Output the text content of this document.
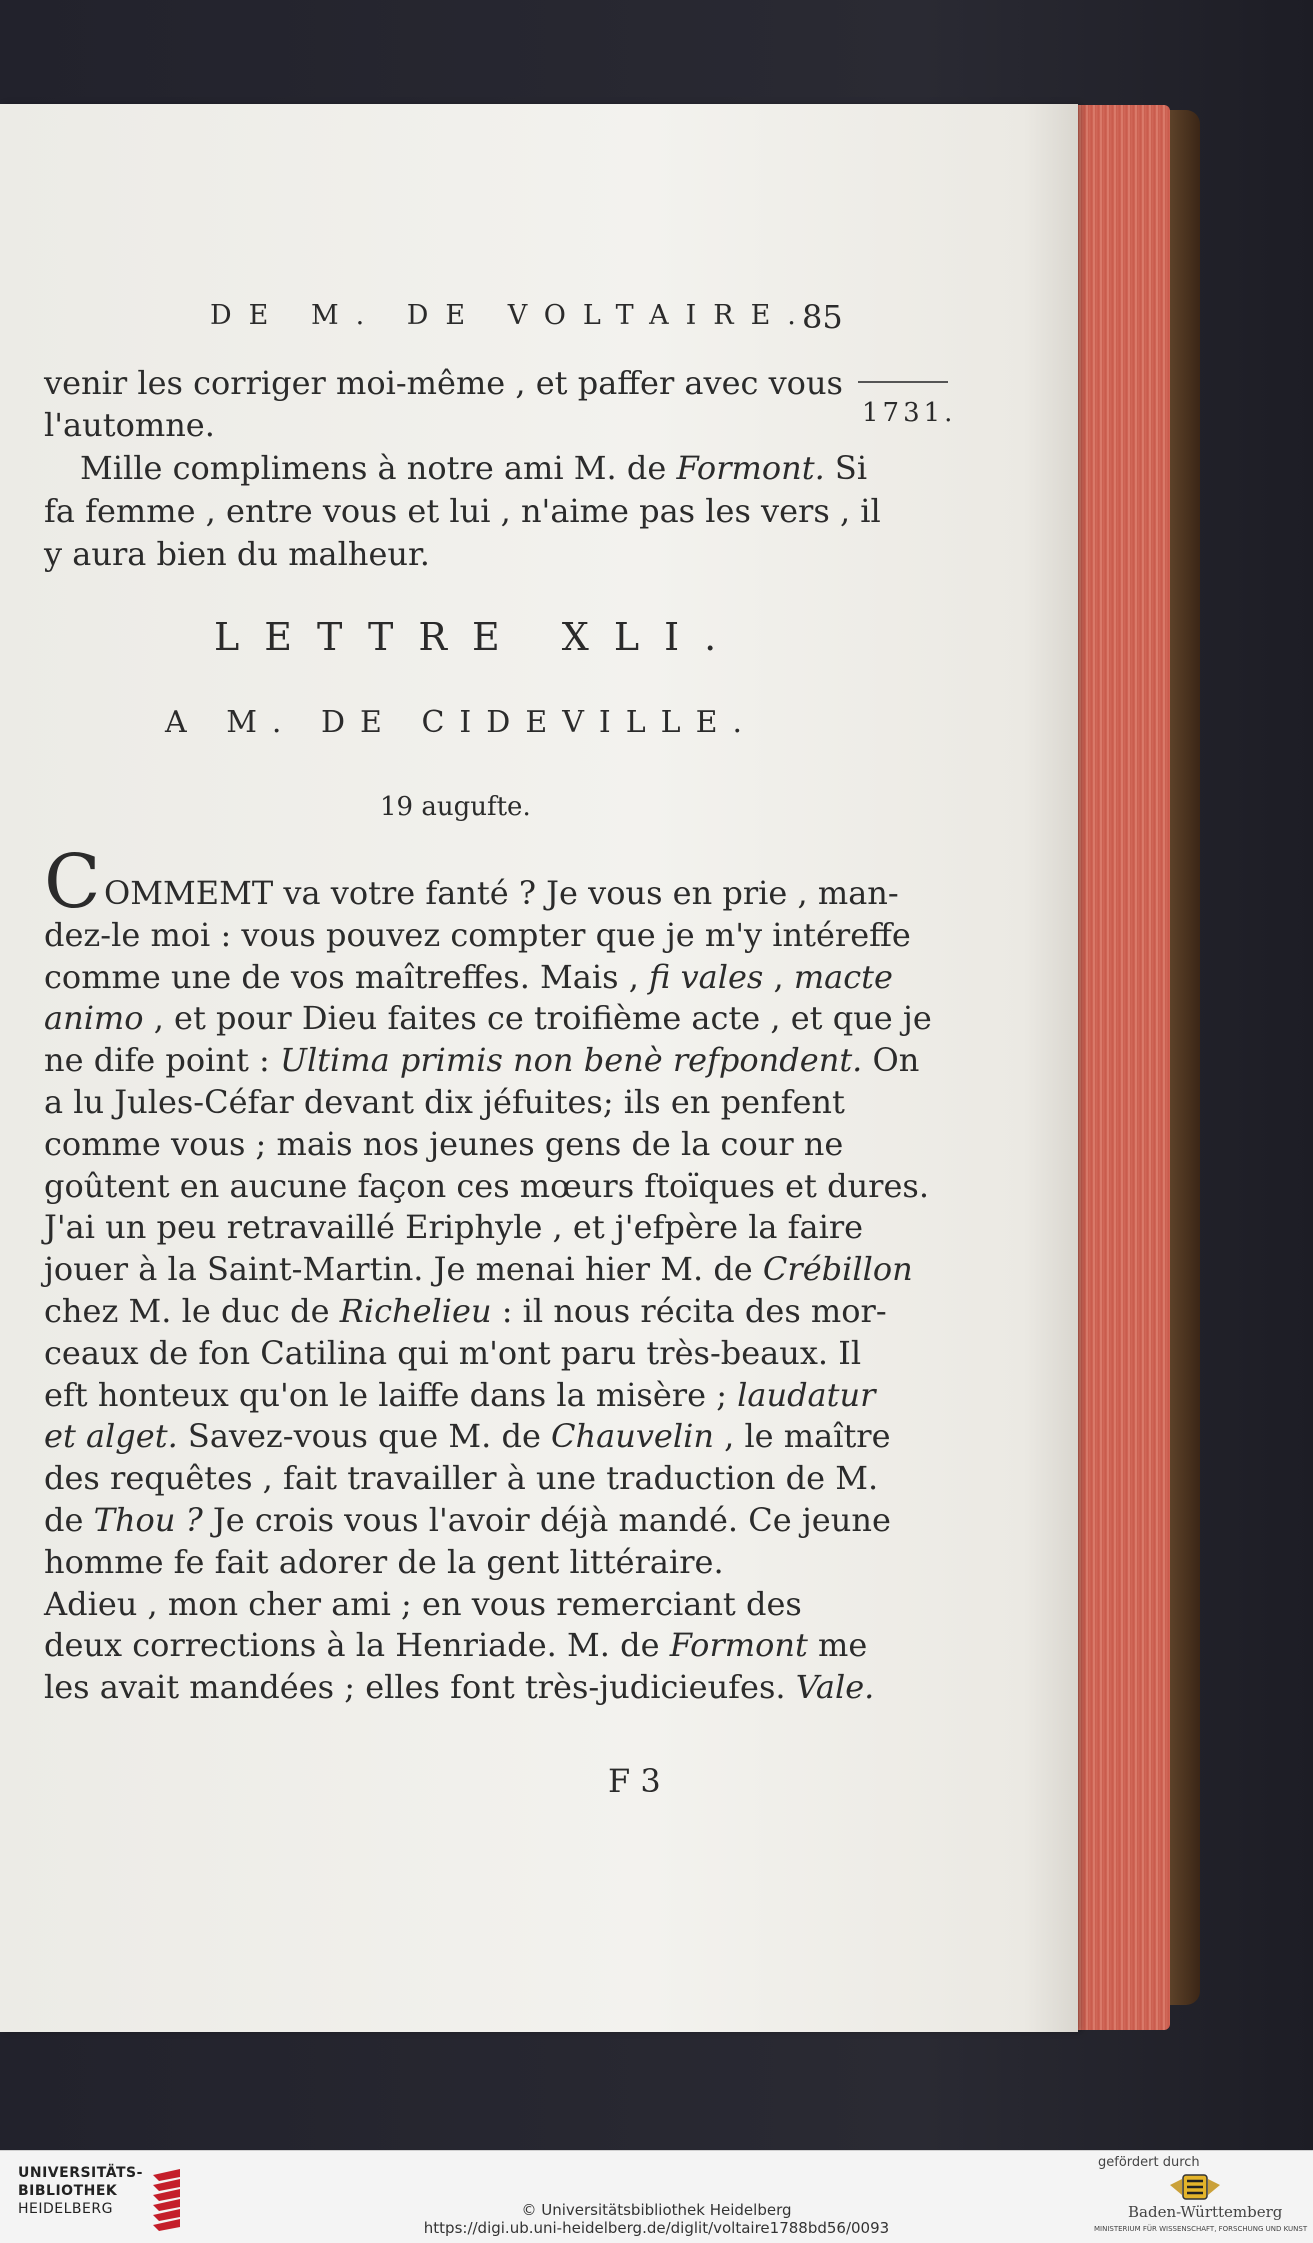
DE M. DE VOLTAIRE.
85
1731.
venir les corriger moi-même , et paffer avec vous
l'automne.
Mille complimens à notre ami M. de Formont. Si
fa femme , entre vous et lui , n'aime pas les vers , il
y aura bien du malheur.
LETTRE XLI.
A M. DE CIDEVILLE.
19 augufte.
C OMMEMT va votre fanté ? Je vous en prie , man-
dez-le moi : vous pouvez compter que je m'y intéreffe
comme une de vos maîtreffes. Mais , fi vales , macte
animo , et pour Dieu faites ce troifième acte , et que je
ne dife point : Ultima primis non benè refpondent. On
a lu Jules-Céfar devant dix jéfuites; ils en penfent
comme vous ; mais nos jeunes gens de la cour ne
goûtent en aucune façon ces mœurs ftoïques et dures.
J'ai un peu retravaillé Eriphyle , et j'efpère la faire
jouer à la Saint-Martin. Je menai hier M. de Crébillon
chez M. le duc de Richelieu : il nous récita des mor-
ceaux de fon Catilina qui m'ont paru très-beaux. Il
eft honteux qu'on le laiffe dans la misère ; laudatur
et alget. Savez-vous que M. de Chauvelin , le maître
des requêtes , fait travailler à une traduction de M.
de Thou ? Je crois vous l'avoir déjà mandé. Ce jeune
homme fe fait adorer de la gent littéraire.
Adieu , mon cher ami ; en vous remerciant des
deux corrections à la Henriade. M. de Formont me
les avait mandées ; elles font très-judicieufes. Vale.
F 3
UNIVERSITÄTS-
BIBLIOTHEK
HEIDELBERG	© Universitätsbibliothek Heidelberg
https://digi.ub.uni-heidelberg.de/diglit/voltaire1788bd56/0093
gefördert durch
Baden-Württemberg
MINISTERIUM FÜR WISSENSCHAFT, FORSCHUNG UND KUNST
